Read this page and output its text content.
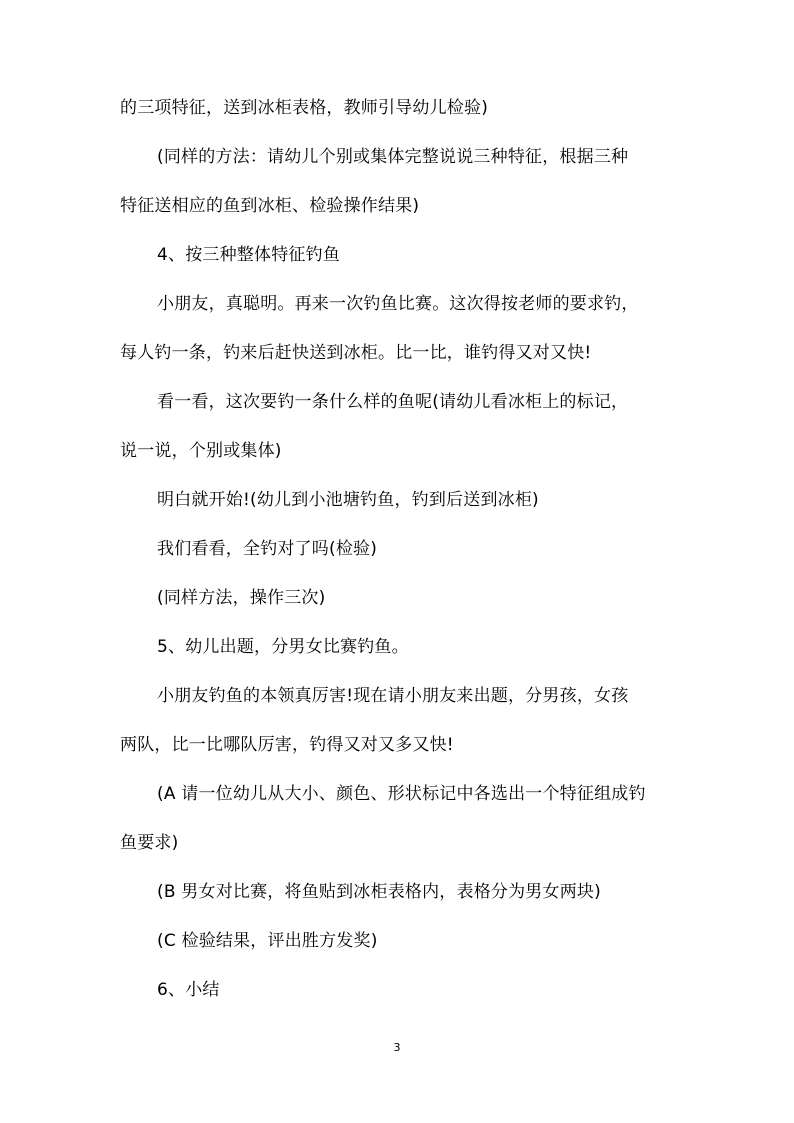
的三项特征，送到冰柜表格，教师引导幼儿检验)
(同样的方法：请幼儿个别或集体完整说说三种特征，根据三种
特征送相应的鱼到冰柜、检验操作结果)
4、按三种整体特征钓鱼
小朋友，真聪明。再来一次钓鱼比赛。这次得按老师的要求钓，
每人钓一条，钓来后赶快送到冰柜。比一比，谁钓得又对又快!
看一看，这次要钓一条什么样的鱼呢(请幼儿看冰柜上的标记，
说一说，个别或集体)
明白就开始!(幼儿到小池塘钓鱼，钓到后送到冰柜)
我们看看，全钓对了吗(检验)
(同样方法，操作三次)
5、幼儿出题，分男女比赛钓鱼。
小朋友钓鱼的本领真厉害!现在请小朋友来出题，分男孩，女孩
两队，比一比哪队厉害，钓得又对又多又快!
(A 请一位幼儿从大小、颜色、形状标记中各选出一个特征组成钓
鱼要求)
(B 男女对比赛，将鱼贴到冰柜表格内，表格分为男女两块)
(C 检验结果，评出胜方发奖)
6、小结
3
